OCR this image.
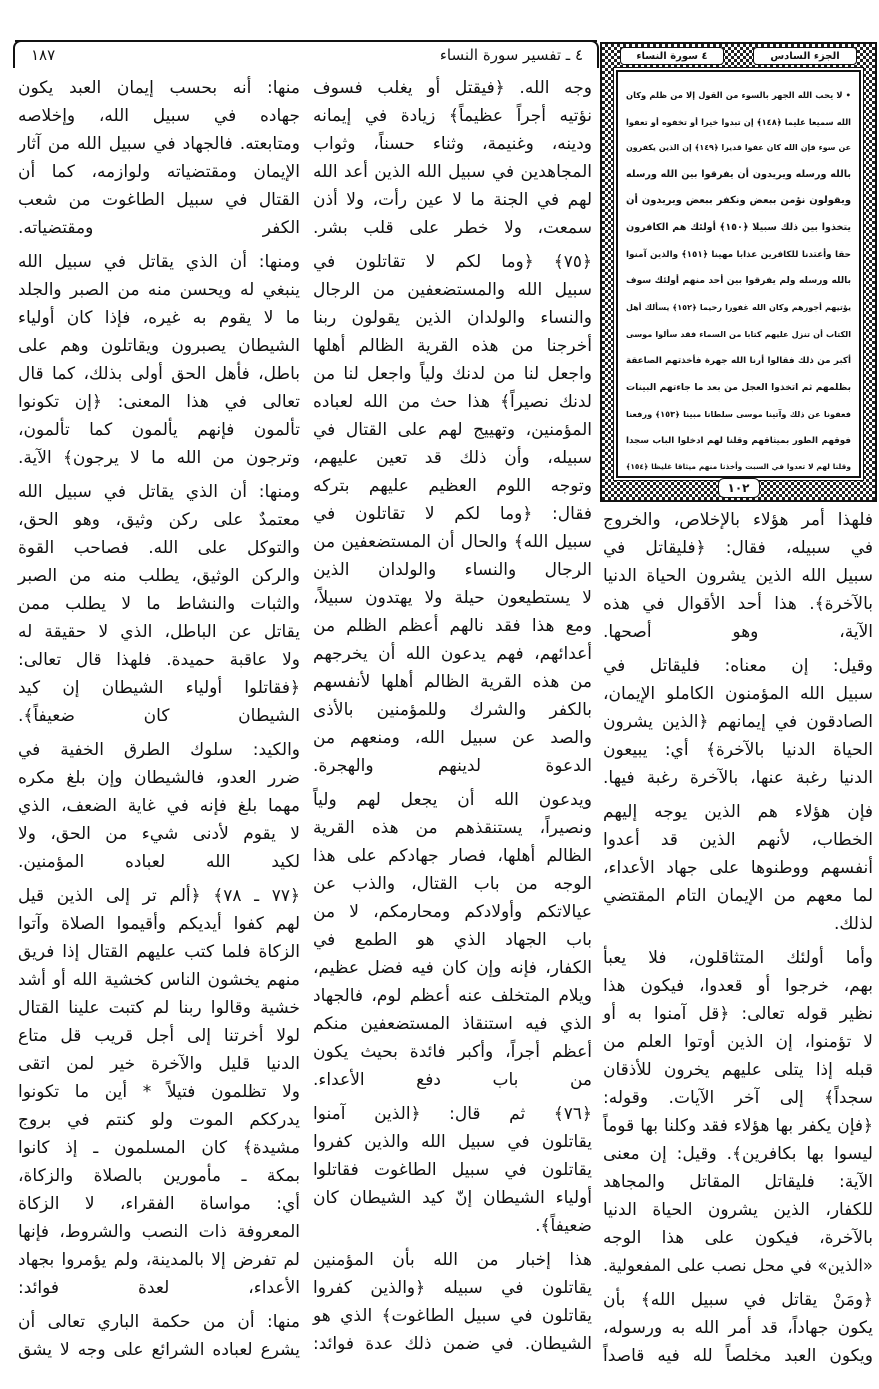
٤ ـ تفسير سورة النساء
١٨٧	الجزء السادس
٤ سورة النساء
• لا يحب الله الجهر بالسوء من القول إلا من ظلم وكان
الله سميعا عليما ﴿١٤٨﴾ إن تبدوا خيرا أو تخفوه أو تعفوا
عن سوء فإن الله كان عفوا قديرا ﴿١٤٩﴾ إن الذين يكفرون
بالله ورسله ويريدون أن يفرقوا بين الله ورسله
ويقولون نؤمن ببعض ونكفر ببعض ويريدون أن
يتخذوا بين ذلك سبيلا ﴿١٥٠﴾ أولئك هم الكافرون
حقا وأعتدنا للكافرين عذابا مهينا ﴿١٥١﴾ والذين آمنوا
بالله ورسله ولم يفرقوا بين أحد منهم أولئك سوف
يؤتيهم أجورهم وكان الله غفورا رحيما ﴿١٥٢﴾ يسألك أهل
الكتاب أن تنزل عليهم كتابا من السماء فقد سألوا موسى
أكبر من ذلك فقالوا أرنا الله جهرة فأخذتهم الصاعقة
بظلمهم ثم اتخذوا العجل من بعد ما جاءتهم البينات
فعفونا عن ذلك وآتينا موسى سلطانا مبينا ﴿١٥٣﴾ ورفعنا
فوقهم الطور بميثاقهم وقلنا لهم ادخلوا الباب سجدا
وقلنا لهم لا تعدوا في السبت وأخذنا منهم ميثاقا غليظا ﴿١٥٤﴾
١٠٢
فلهذا أمر هؤلاء بالإخلاص، والخروج
في سبيله، فقال: ﴿فليقاتل في
سبيل الله الذين يشرون الحياة الدنيا
بالآخرة﴾. هذا أحد الأقوال في هذه
الآية، وهو أصحها.
وقيل: إن معناه: فليقاتل في
سبيل الله المؤمنون الكاملو الإيمان،
الصادقون في إيمانهم ﴿الذين يشرون
الحياة الدنيا بالآخرة﴾ أي: يبيعون
الدنيا رغبة عنها، بالآخرة رغبة فيها.
فإن هؤلاء هم الذين يوجه إليهم
الخطاب، لأنهم الذين قد أعدوا
أنفسهم ووطنوها على جهاد الأعداء،
لما معهم من الإيمان التام المقتضي
لذلك.
وأما أولئك المتثاقلون، فلا يعبأ
بهم، خرجوا أو قعدوا، فيكون هذا
نظير قوله تعالى: ﴿قل آمنوا به أو
لا تؤمنوا، إن الذين أوتوا العلم من
قبله إذا يتلى عليهم يخرون للأذقان
سجداً﴾ إلى آخر الآيات. وقوله:
﴿فإن يكفر بها هؤلاء فقد وكلنا بها قوماً
ليسوا بها بكافرين﴾. وقيل: إن معنى
الآية: فليقاتل المقاتل والمجاهد
للكفار، الذين يشرون الحياة الدنيا
بالآخرة، فيكون على هذا الوجه
«الذين» في محل نصب على المفعولية.
﴿ومَنْ يقاتل في سبيل الله﴾ بأن
يكون جهاداً، قد أمر الله به ورسوله،
ويكون العبد مخلصاً لله فيه قاصداً
وجه الله. ﴿فيقتل أو يغلب فسوف
نؤتيه أجراً عظيماً﴾ زيادة في إيمانه
ودينه، وغنيمة، وثناء حسناً، وثواب
المجاهدين في سبيل الله الذين أعد الله
لهم في الجنة ما لا عين رأت، ولا أذن
سمعت، ولا خطر على قلب بشر.
﴿٧٥﴾ ﴿وما لكم لا تقاتلون في
سبيل الله والمستضعفين من الرجال
والنساء والولدان الذين يقولون ربنا
أخرجنا من هذه القرية الظالم أهلها
واجعل لنا من لدنك ولياً واجعل لنا من
لدنك نصيراً﴾ هذا حث من الله لعباده
المؤمنين، وتهييج لهم على القتال في
سبيله، وأن ذلك قد تعين عليهم،
وتوجه اللوم العظيم عليهم بتركه
فقال: ﴿وما لكم لا تقاتلون في
سبيل الله﴾ والحال أن المستضعفين من
الرجال والنساء والولدان الذين
لا يستطيعون حيلة ولا يهتدون سبيلاً،
ومع هذا فقد نالهم أعظم الظلم من
أعدائهم، فهم يدعون الله أن يخرجهم
من هذه القرية الظالم أهلها لأنفسهم
بالكفر والشرك وللمؤمنين بالأذى
والصد عن سبيل الله، ومنعهم من
الدعوة لدينهم والهجرة.
ويدعون الله أن يجعل لهم ولياً
ونصيراً، يستنقذهم من هذه القرية
الظالم أهلها، فصار جهادكم على هذا
الوجه من باب القتال، والذب عن
عيالاتكم وأولادكم ومحارمكم، لا من
باب الجهاد الذي هو الطمع في
الكفار، فإنه وإن كان فيه فضل عظيم،
ويلام المتخلف عنه أعظم لوم، فالجهاد
الذي فيه استنقاذ المستضعفين منكم
أعظم أجراً، وأكبر فائدة بحيث يكون
من باب دفع الأعداء.
﴿٧٦﴾ ثم قال: ﴿الذين آمنوا
يقاتلون في سبيل الله والذين كفروا
يقاتلون في سبيل الطاغوت فقاتلوا
أولياء الشيطان إنّ كيد الشيطان كان
ضعيفاً﴾.
هذا إخبار من الله بأن المؤمنين
يقاتلون في سبيله ﴿والذين كفروا
يقاتلون في سبيل الطاغوت﴾ الذي هو
الشيطان. في ضمن ذلك عدة فوائد:
منها: أنه بحسب إيمان العبد يكون
جهاده في سبيل الله، وإخلاصه
ومتابعته. فالجهاد في سبيل الله من آثار
الإيمان ومقتضياته ولوازمه، كما أن
القتال في سبيل الطاغوت من شعب
الكفر ومقتضياته.
ومنها: أن الذي يقاتل في سبيل الله
ينبغي له ويحسن منه من الصبر والجلد
ما لا يقوم به غيره، فإذا كان أولياء
الشيطان يصبرون ويقاتلون وهم على
باطل، فأهل الحق أولى بذلك، كما قال
تعالى في هذا المعنى: ﴿إن تكونوا
تألمون فإنهم يألمون كما تألمون،
وترجون من الله ما لا يرجون﴾ الآية.
ومنها: أن الذي يقاتل في سبيل الله
معتمدٌ على ركن وثيق، وهو الحق،
والتوكل على الله. فصاحب القوة
والركن الوثيق، يطلب منه من الصبر
والثبات والنشاط ما لا يطلب ممن
يقاتل عن الباطل، الذي لا حقيقة له
ولا عاقبة حميدة. فلهذا قال تعالى:
﴿فقاتلوا أولياء الشيطان إن كيد
الشيطان كان ضعيفاً﴾.
والكيد: سلوك الطرق الخفية في
ضرر العدو، فالشيطان وإن بلغ مكره
مهما بلغ فإنه في غاية الضعف، الذي
لا يقوم لأدنى شيء من الحق، ولا
لكيد الله لعباده المؤمنين.
﴿٧٧ ـ ٧٨﴾ ﴿ألم تر إلى الذين قيل
لهم كفوا أيديكم وأقيموا الصلاة وآتوا
الزكاة فلما كتب عليهم القتال إذا فريق
منهم يخشون الناس كخشية الله أو أشد
خشية وقالوا ربنا لم كتبت علينا القتال
لولا أخرتنا إلى أجل قريب قل متاع
الدنيا قليل والآخرة خير لمن اتقى
ولا تظلمون فتيلاً * أين ما تكونوا
يدرككم الموت ولو كنتم في بروج
مشيدة﴾ كان المسلمون ـ إذ كانوا
بمكة ـ مأمورين بالصلاة والزكاة،
أي: مواساة الفقراء، لا الزكاة
المعروفة ذات النصب والشروط، فإنها
لم تفرض إلا بالمدينة، ولم يؤمروا بجهاد
الأعداء، لعدة فوائد:
منها: أن من حكمة الباري تعالى أن
يشرع لعباده الشرائع على وجه لا يشق
